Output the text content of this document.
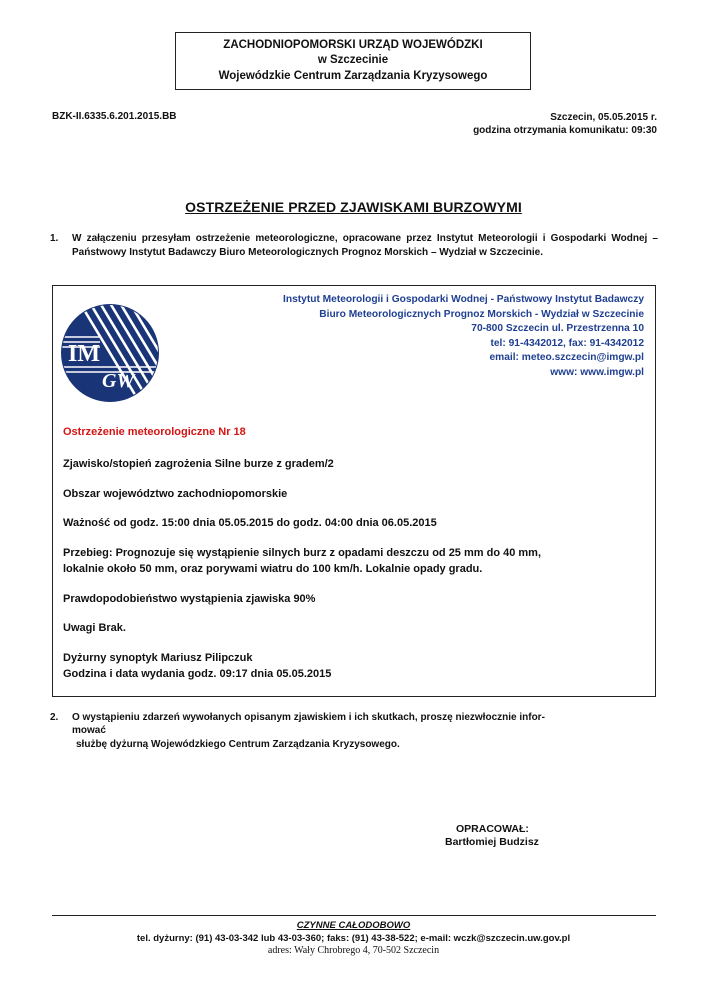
ZACHODNIOPOMORSKI URZĄD WOJEWÓDZKI
w Szczecinie
Wojewódzkie Centrum Zarządzania Kryzysowego
BZK-II.6335.6.201.2015.BB	Szczecin, 05.05.2015 r.
godzina otrzymania komunikatu: 09:30
OSTRZEŻENIE PRZED ZJAWISKAMI BURZOWYMI
1. W załączeniu przesyłam ostrzeżenie meteorologiczne, opracowane przez Instytut Meteorologii i Gospodarki Wodnej – Państwowy Instytut Badawczy Biuro Meteorologicznych Prognoz Morskich – Wydział w Szczecinie.
IM
GW
Instytut Meteorologii i Gospodarki Wodnej - Państwowy Instytut Badawczy
Biuro Meteorologicznych Prognoz Morskich - Wydział w Szczecinie
70-800 Szczecin ul. Przestrzenna 10
tel: 91-4342012, fax: 91-4342012
email: meteo.szczecin@imgw.pl
www: www.imgw.pl
Ostrzeżenie meteorologiczne Nr 18
Zjawisko/stopień zagrożenia Silne burze z gradem/2
Obszar województwo zachodniopomorskie
Ważność od godz. 15:00 dnia 05.05.2015 do godz. 04:00 dnia 06.05.2015
Przebieg: Prognozuje się wystąpienie silnych burz z opadami deszczu od 25 mm do 40 mm,
lokalnie około 50 mm, oraz porywami wiatru do 100 km/h. Lokalnie opady gradu.
Prawdopodobieństwo wystąpienia zjawiska 90%
Uwagi Brak.
Dyżurny synoptyk Mariusz Pilipczuk
Godzina i data wydania godz. 09:17 dnia 05.05.2015
2. O wystąpieniu zdarzeń wywołanych opisanym zjawiskiem i ich skutkach, proszę niezwłocznie infor-
mować
służbę dyżurną Wojewódzkiego Centrum Zarządzania Kryzysowego.
OPRACOWAŁ:
Bartłomiej Budzisz
CZYNNE CAŁODOBOWO
tel. dyżurny: (91) 43-03-342 lub 43-03-360; faks: (91) 43-38-522; e-mail: wczk@szczecin.uw.gov.pl
adres: Wały Chrobrego 4, 70-502 Szczecin
